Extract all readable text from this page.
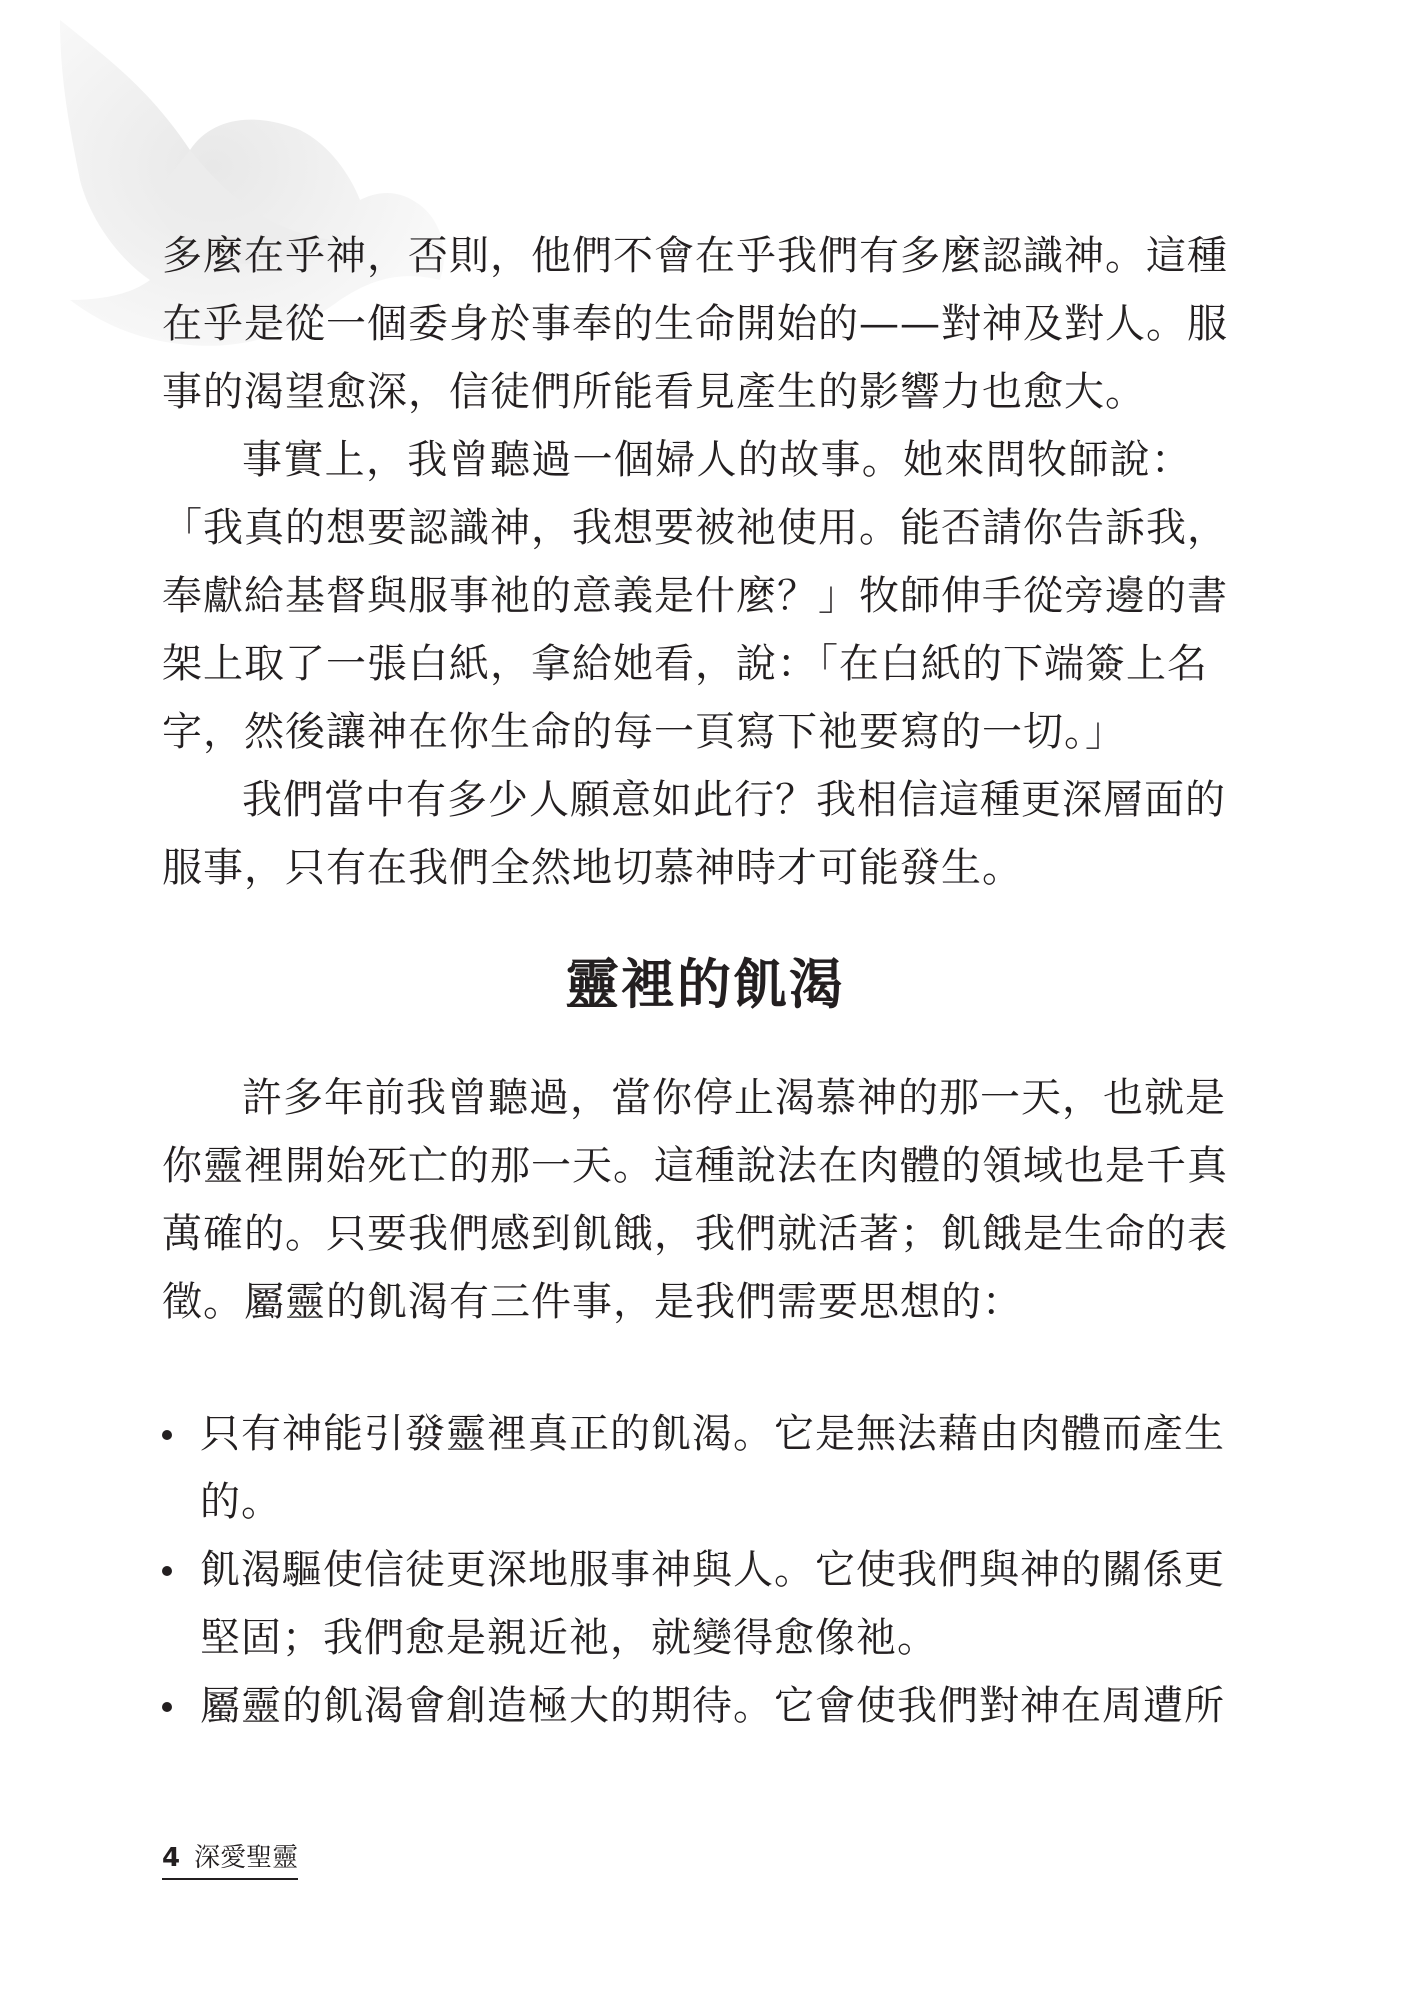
多麼在乎神，否則，他們不會在乎我們有多麼認識神。這種
在乎是從一個委身於事奉的生命開始的——對神及對人。服
事的渴望愈深，信徒們所能看見產生的影響力也愈大。
事實上，我曾聽過一個婦人的故事。她來問牧師說：
「我真的想要認識神，我想要被祂使用。能否請你告訴我，
奉獻給基督與服事祂的意義是什麼？」牧師伸手從旁邊的書
架上取了一張白紙，拿給她看，說：「在白紙的下端簽上名
字，然後讓神在你生命的每一頁寫下祂要寫的一切。」
我們當中有多少人願意如此行？我相信這種更深層面的
服事，只有在我們全然地切慕神時才可能發生。
靈裡的飢渴
許多年前我曾聽過，當你停止渴慕神的那一天，也就是
你靈裡開始死亡的那一天。這種說法在肉體的領域也是千真
萬確的。只要我們感到飢餓，我們就活著；飢餓是生命的表
徵。屬靈的飢渴有三件事，是我們需要思想的：
只有神能引發靈裡真正的飢渴。它是無法藉由肉體而產生
的。
飢渴驅使信徒更深地服事神與人。它使我們與神的關係更
堅固；我們愈是親近祂，就變得愈像祂。
屬靈的飢渴會創造極大的期待。它會使我們對神在周遭所
4 深愛聖靈
